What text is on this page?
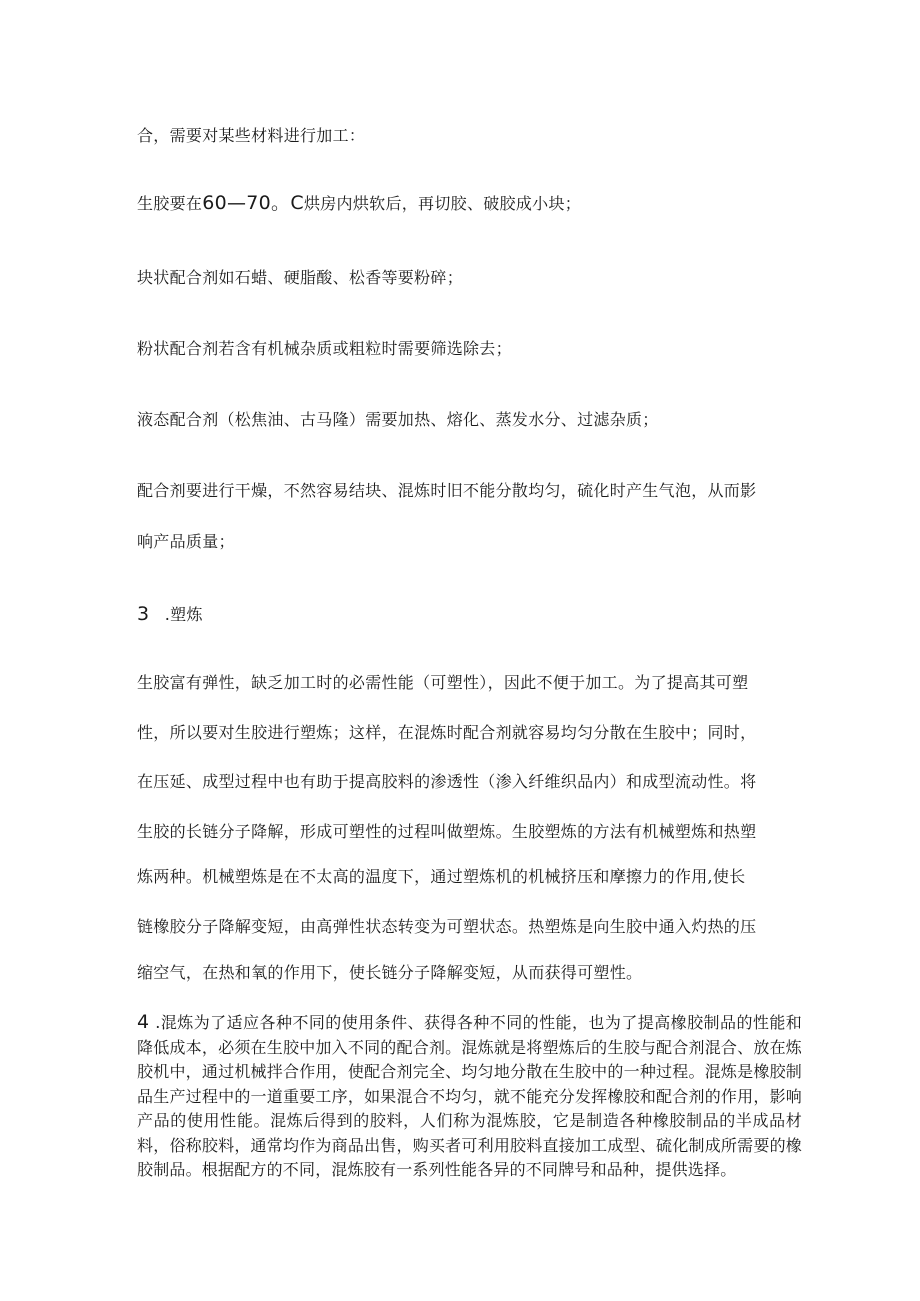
合，需要对某些材料进行加工：
生胶要在60—70。C烘房内烘软后，再切胶、破胶成小块；
块状配合剂如石蜡、硬脂酸、松香等要粉碎；
粉状配合剂若含有机械杂质或粗粒时需要筛选除去；
液态配合剂（松焦油、古马隆）需要加热、熔化、蒸发水分、过滤杂质；
配合剂要进行干燥，不然容易结块、混炼时旧不能分散均匀，硫化时产生气泡，从而影
响产品质量；
3 .塑炼
生胶富有弹性，缺乏加工时的必需性能（可塑性），因此不便于加工。为了提高其可塑
性，所以要对生胶进行塑炼；这样，在混炼时配合剂就容易均匀分散在生胶中；同时，
在压延、成型过程中也有助于提高胶料的渗透性（渗入纤维织品内）和成型流动性。将
生胶的长链分子降解，形成可塑性的过程叫做塑炼。生胶塑炼的方法有机械塑炼和热塑
炼两种。机械塑炼是在不太高的温度下，通过塑炼机的机械挤压和摩擦力的作用,使长
链橡胶分子降解变短，由高弹性状态转变为可塑状态。热塑炼是向生胶中通入灼热的压
缩空气，在热和氧的作用下，使长链分子降解变短，从而获得可塑性。
4 .混炼为了适应各种不同的使用条件、获得各种不同的性能，也为了提高橡胶制品的性能和降低成本，必须在生胶中加入不同的配合剂。混炼就是将塑炼后的生胶与配合剂混合、放在炼胶机中，通过机械拌合作用，使配合剂完全、均匀地分散在生胶中的一种过程。混炼是橡胶制品生产过程中的一道重要工序，如果混合不均匀，就不能充分发挥橡胶和配合剂的作用，影响产品的使用性能。混炼后得到的胶料，人们称为混炼胶，它是制造各种橡胶制品的半成品材料，俗称胶料，通常均作为商品出售，购买者可利用胶料直接加工成型、硫化制成所需要的橡胶制品。根据配方的不同，混炼胶有一系列性能各异的不同牌号和品种，提供选择。
